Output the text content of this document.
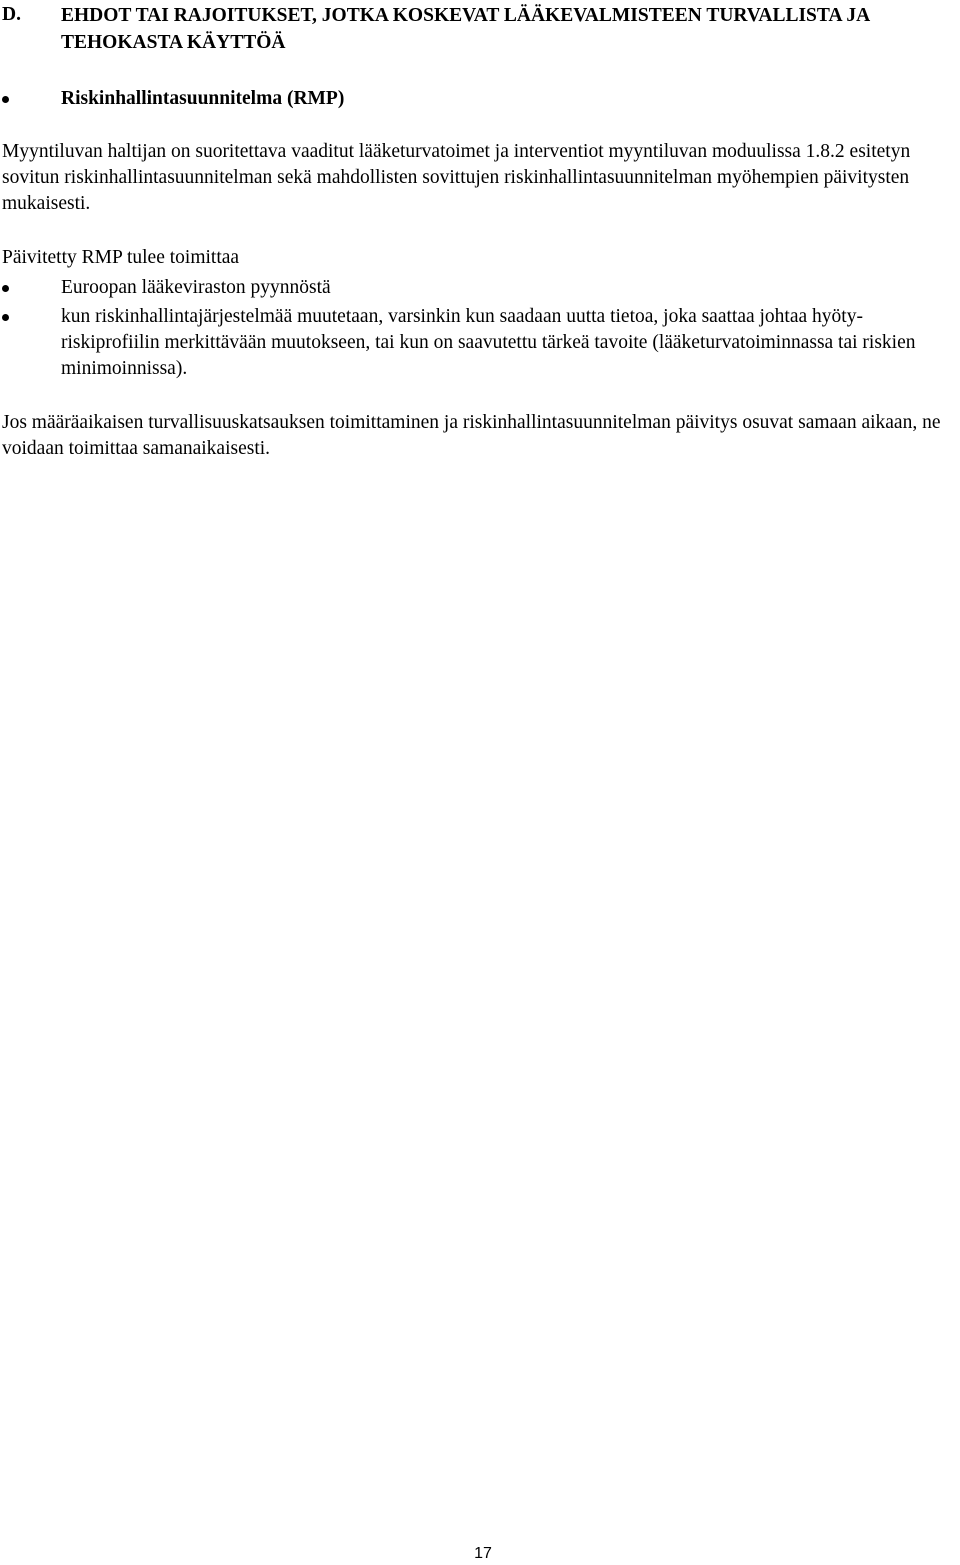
D. EHDOT TAI RAJOITUKSET, JOTKA KOSKEVAT LÄÄKEVALMISTEEN TURVALLISTA JA TEHOKASTA KÄYTTÖÄ
Riskinhallintasuunnitelma (RMP)

Myyntiluvan haltijan on suoritettava vaaditut lääketurvatoimet ja interventiot myyntiluvan moduulissa 1.8.2 esitetyn sovitun riskinhallintasuunnitelman sekä mahdollisten sovittujen riskinhallintasuunnitelman myöhempien päivitysten mukaisesti.

Päivitetty RMP tulee toimittaa

Euroopan lääkeviraston pyynnöstä
kun riskinhallintajärjestelmää muutetaan, varsinkin kun saadaan uutta tietoa, joka saattaa johtaa hyöty-riskiprofiilin merkittävään muutokseen, tai kun on saavutettu tärkeä tavoite (lääketurvatoiminnassa tai riskien minimoinnissa).

Jos määräaikaisen turvallisuuskatsauksen toimittaminen ja riskinhallintasuunnitelman päivitys osuvat samaan aikaan, ne voidaan toimittaa samanaikaisesti.

17
